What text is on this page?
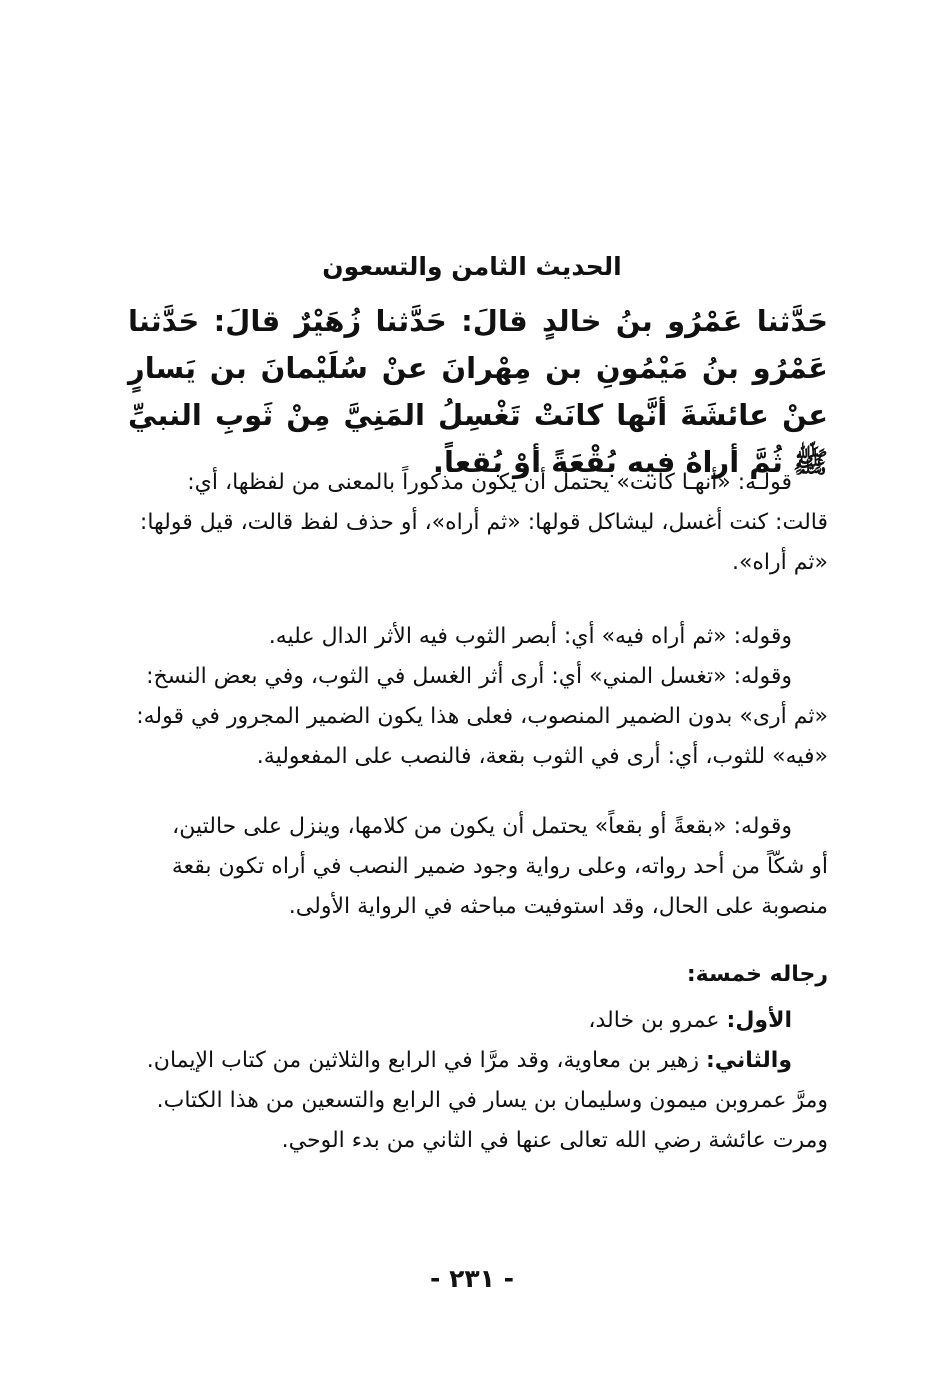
الحديث الثامن والتسعون
حَدَّثنا عَمْرُو بنُ خالدٍ قالَ: حَدَّثنا زُهَيْرٌ قالَ: حَدَّثنا عَمْرُو بنُ مَيْمُونِ بن مِهْرانَ عنْ سُلَيْمانَ بن يَسارٍ عنْ عائشَةَ أنَّها كانَتْ تَغْسِلُ المَنِيَّ مِنْ ثَوبِ النبيِّ ﷺ ثُمَّ أراهُ فيه بُقْعَةً أوْ بُقعاً.
قولـه: «أنهـا كانت» يحتمل أن يكون مذكوراً بالمعنى من لفظها، أي:
قالت: كنت أغسل، ليشاكل قولها: «ثم أراه»، أو حذف لفظ قالت، قيل قولها:
«ثم أراه».
وقوله: «ثم أراه فيه» أي: أبصر الثوب فيه الأثر الدال عليه.
وقوله: «تغسل المني» أي: أرى أثر الغسل في الثوب، وفي بعض النسخ:
«ثم أرى» بدون الضمير المنصوب، فعلى هذا يكون الضمير المجرور في قوله:
«فيه» للثوب، أي: أرى في الثوب بقعة، فالنصب على المفعولية.
وقوله: «بقعةً أو بقعاً» يحتمل أن يكون من كلامها، وينزل على حالتين،
أو شكّاً من أحد رواته، وعلى رواية وجود ضمير النصب في أراه تكون بقعة
منصوبة على الحال، وقد استوفيت مباحثه في الرواية الأولى.
رجاله خمسة:
الأول: عمرو بن خالد،
والثاني: زهير بن معاوية، وقد مرَّا في الرابع والثلاثين من كتاب الإيمان.
ومرَّ عمروبن ميمون وسليمان بن يسار في الرابع والتسعين من هذا الكتاب.
ومرت عائشة رضي الله تعالى عنها في الثاني من بدء الوحي.
- ٢٣١ -
